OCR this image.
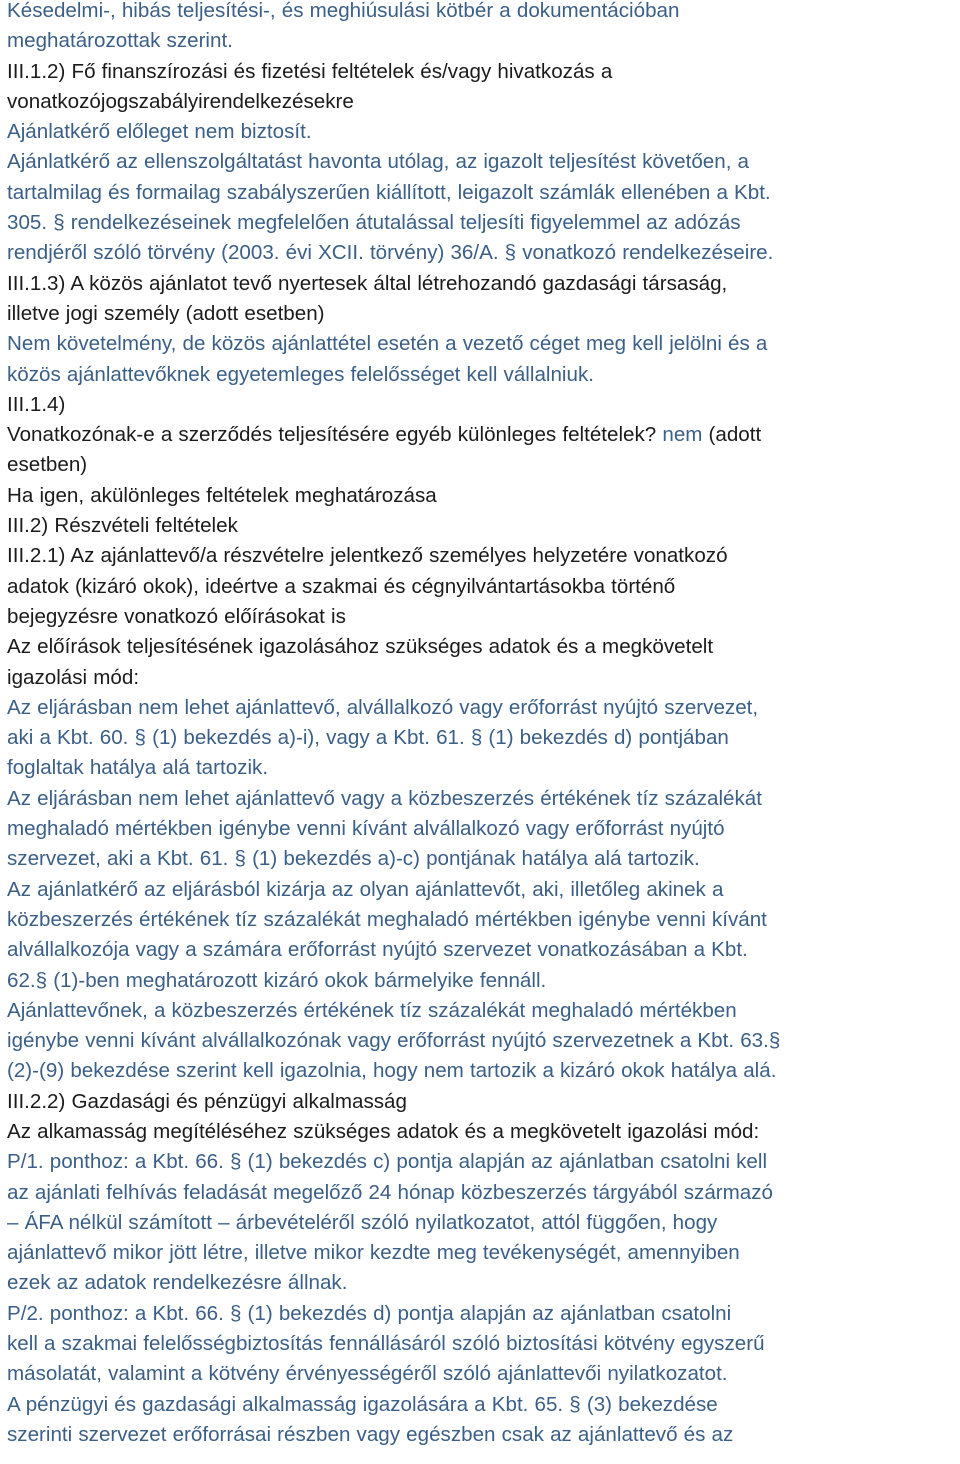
Késedelmi-, hibás teljesítési-, és meghiúsulási kötbér a dokumentációban
meghatározottak szerint.
III.1.2) Fő finanszírozási és fizetési feltételek és/vagy hivatkozás a
vonatkozójogszabályirendelkezésekre
Ajánlatkérő előleget nem biztosít.
Ajánlatkérő az ellenszolgáltatást havonta utólag, az igazolt teljesítést követően, a
tartalmilag és formailag szabályszerűen kiállított, leigazolt számlák ellenében a Kbt.
305. § rendelkezéseinek megfelelően átutalással teljesíti figyelemmel az adózás
rendjéről szóló törvény (2003. évi XCII. törvény) 36/A. § vonatkozó rendelkezéseire.
III.1.3) A közös ajánlatot tevő nyertesek által létrehozandó gazdasági társaság,
illetve jogi személy (adott esetben)
Nem követelmény, de közös ajánlattétel esetén a vezető céget meg kell jelölni és a
közös ajánlattevőknek egyetemleges felelősséget kell vállalniuk.
III.1.4)
Vonatkozónak-e a szerződés teljesítésére egyéb különleges feltételek? nem (adott
esetben)
Ha igen, akülönleges feltételek meghatározása
III.2) Részvételi feltételek
III.2.1) Az ajánlattevő/a részvételre jelentkező személyes helyzetére vonatkozó
adatok (kizáró okok), ideértve a szakmai és cégnyilvántartásokba történő
bejegyzésre vonatkozó előírásokat is
Az előírások teljesítésének igazolásához szükséges adatok és a megkövetelt
igazolási mód:
Az eljárásban nem lehet ajánlattevő, alvállalkozó vagy erőforrást nyújtó szervezet,
aki a Kbt. 60. § (1) bekezdés a)-i), vagy a Kbt. 61. § (1) bekezdés d) pontjában
foglaltak hatálya alá tartozik.
Az eljárásban nem lehet ajánlattevő vagy a közbeszerzés értékének tíz százalékát
meghaladó mértékben igénybe venni kívánt alvállalkozó vagy erőforrást nyújtó
szervezet, aki a Kbt. 61. § (1) bekezdés a)-c) pontjának hatálya alá tartozik.
Az ajánlatkérő az eljárásból kizárja az olyan ajánlattevőt, aki, illetőleg akinek a
közbeszerzés értékének tíz százalékát meghaladó mértékben igénybe venni kívánt
alvállalkozója vagy a számára erőforrást nyújtó szervezet vonatkozásában a Kbt.
62.§ (1)-ben meghatározott kizáró okok bármelyike fennáll.
Ajánlattevőnek, a közbeszerzés értékének tíz százalékát meghaladó mértékben
igénybe venni kívánt alvállalkozónak vagy erőforrást nyújtó szervezetnek a Kbt. 63.§
(2)-(9) bekezdése szerint kell igazolnia, hogy nem tartozik a kizáró okok hatálya alá.
III.2.2) Gazdasági és pénzügyi alkalmasság
Az alkamasság megítéléséhez szükséges adatok és a megkövetelt igazolási mód:
P/1. ponthoz: a Kbt. 66. § (1) bekezdés c) pontja alapján az ajánlatban csatolni kell
az ajánlati felhívás feladását megelőző 24 hónap közbeszerzés tárgyából származó
– ÁFA nélkül számított – árbevételéről szóló nyilatkozatot, attól függően, hogy
ajánlattevő mikor jött létre, illetve mikor kezdte meg tevékenységét, amennyiben
ezek az adatok rendelkezésre állnak.
P/2. ponthoz: a Kbt. 66. § (1) bekezdés d) pontja alapján az ajánlatban csatolni
kell a szakmai felelősségbiztosítás fennállásáról szóló biztosítási kötvény egyszerű
másolatát, valamint a kötvény érvényességéről szóló ajánlattevői nyilatkozatot.
A pénzügyi és gazdasági alkalmasság igazolására a Kbt. 65. § (3) bekezdése
szerinti szervezet erőforrásai részben vagy egészben csak az ajánlattevő és az
